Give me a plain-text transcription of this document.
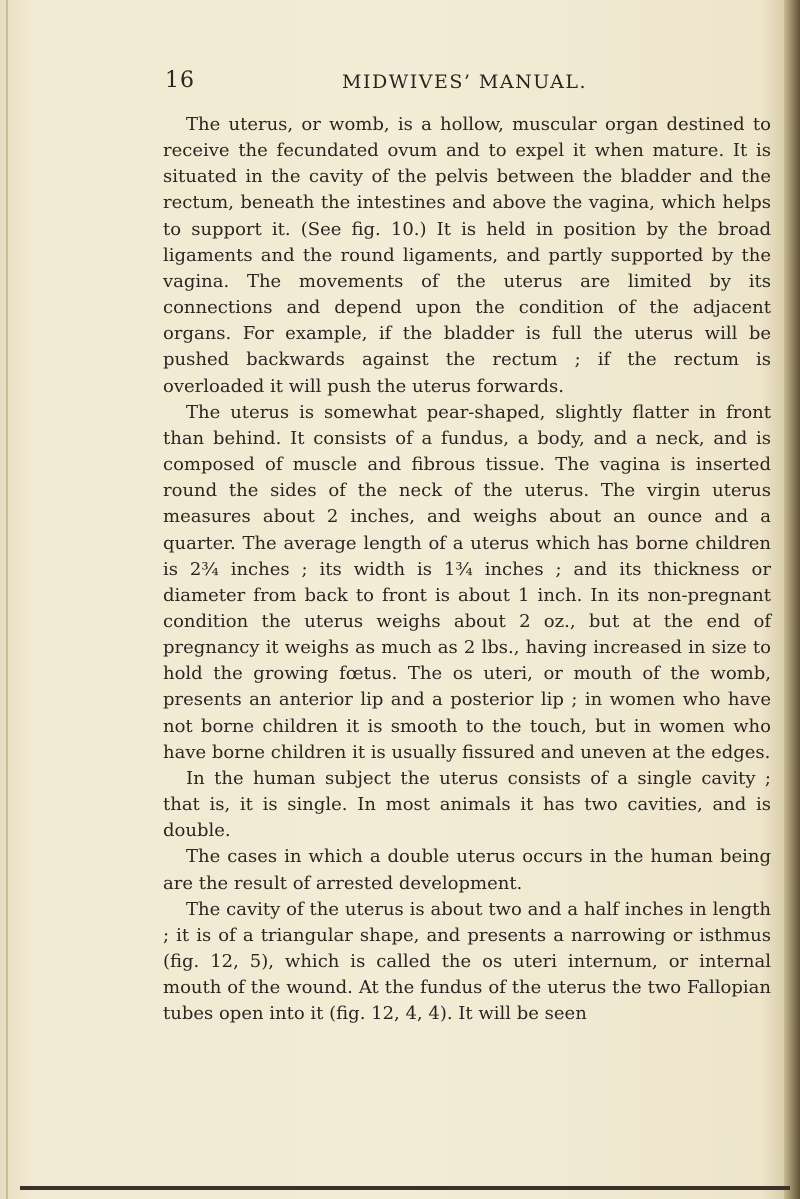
16	MIDWIVES’ MANUAL.

The uterus, or womb, is a hollow, muscular organ destined to receive the fecundated ovum and to expel it when mature. It is situated in the cavity of the pelvis between the bladder and the rectum, beneath the intestines and above the vagina, which helps to support it. (See fig. 10.) It is held in position by the broad ligaments and the round ligaments, and partly supported by the vagina. The movements of the uterus are limited by its connections and depend upon the condition of the adjacent organs. For example, if the bladder is full the uterus will be pushed backwards against the rectum ; if the rectum is overloaded it will push the uterus forwards.

The uterus is somewhat pear-shaped, slightly flatter in front than behind. It consists of a fundus, a body, and a neck, and is composed of muscle and fibrous tissue. The vagina is inserted round the sides of the neck of the uterus. The virgin uterus measures about 2 inches, and weighs about an ounce and a quarter. The average length of a uterus which has borne children is 2¾ inches ; its width is 1¾ inches ; and its thickness or diameter from back to front is about 1 inch. In its non-pregnant condition the uterus weighs about 2 oz., but at the end of pregnancy it weighs as much as 2 lbs., having increased in size to hold the growing fœtus. The os uteri, or mouth of the womb, presents an anterior lip and a posterior lip ; in women who have not borne children it is smooth to the touch, but in women who have borne children it is usually fissured and uneven at the edges.

In the human subject the uterus consists of a single cavity ; that is, it is single. In most animals it has two cavities, and is double.

The cases in which a double uterus occurs in the human being are the result of arrested development.

The cavity of the uterus is about two and a half inches in length ; it is of a triangular shape, and presents a narrowing or isthmus (fig. 12, 5), which is called the os uteri internum, or internal mouth of the wound. At the fundus of the uterus the two Fallopian tubes open into it (fig. 12, 4, 4). It will be seen
